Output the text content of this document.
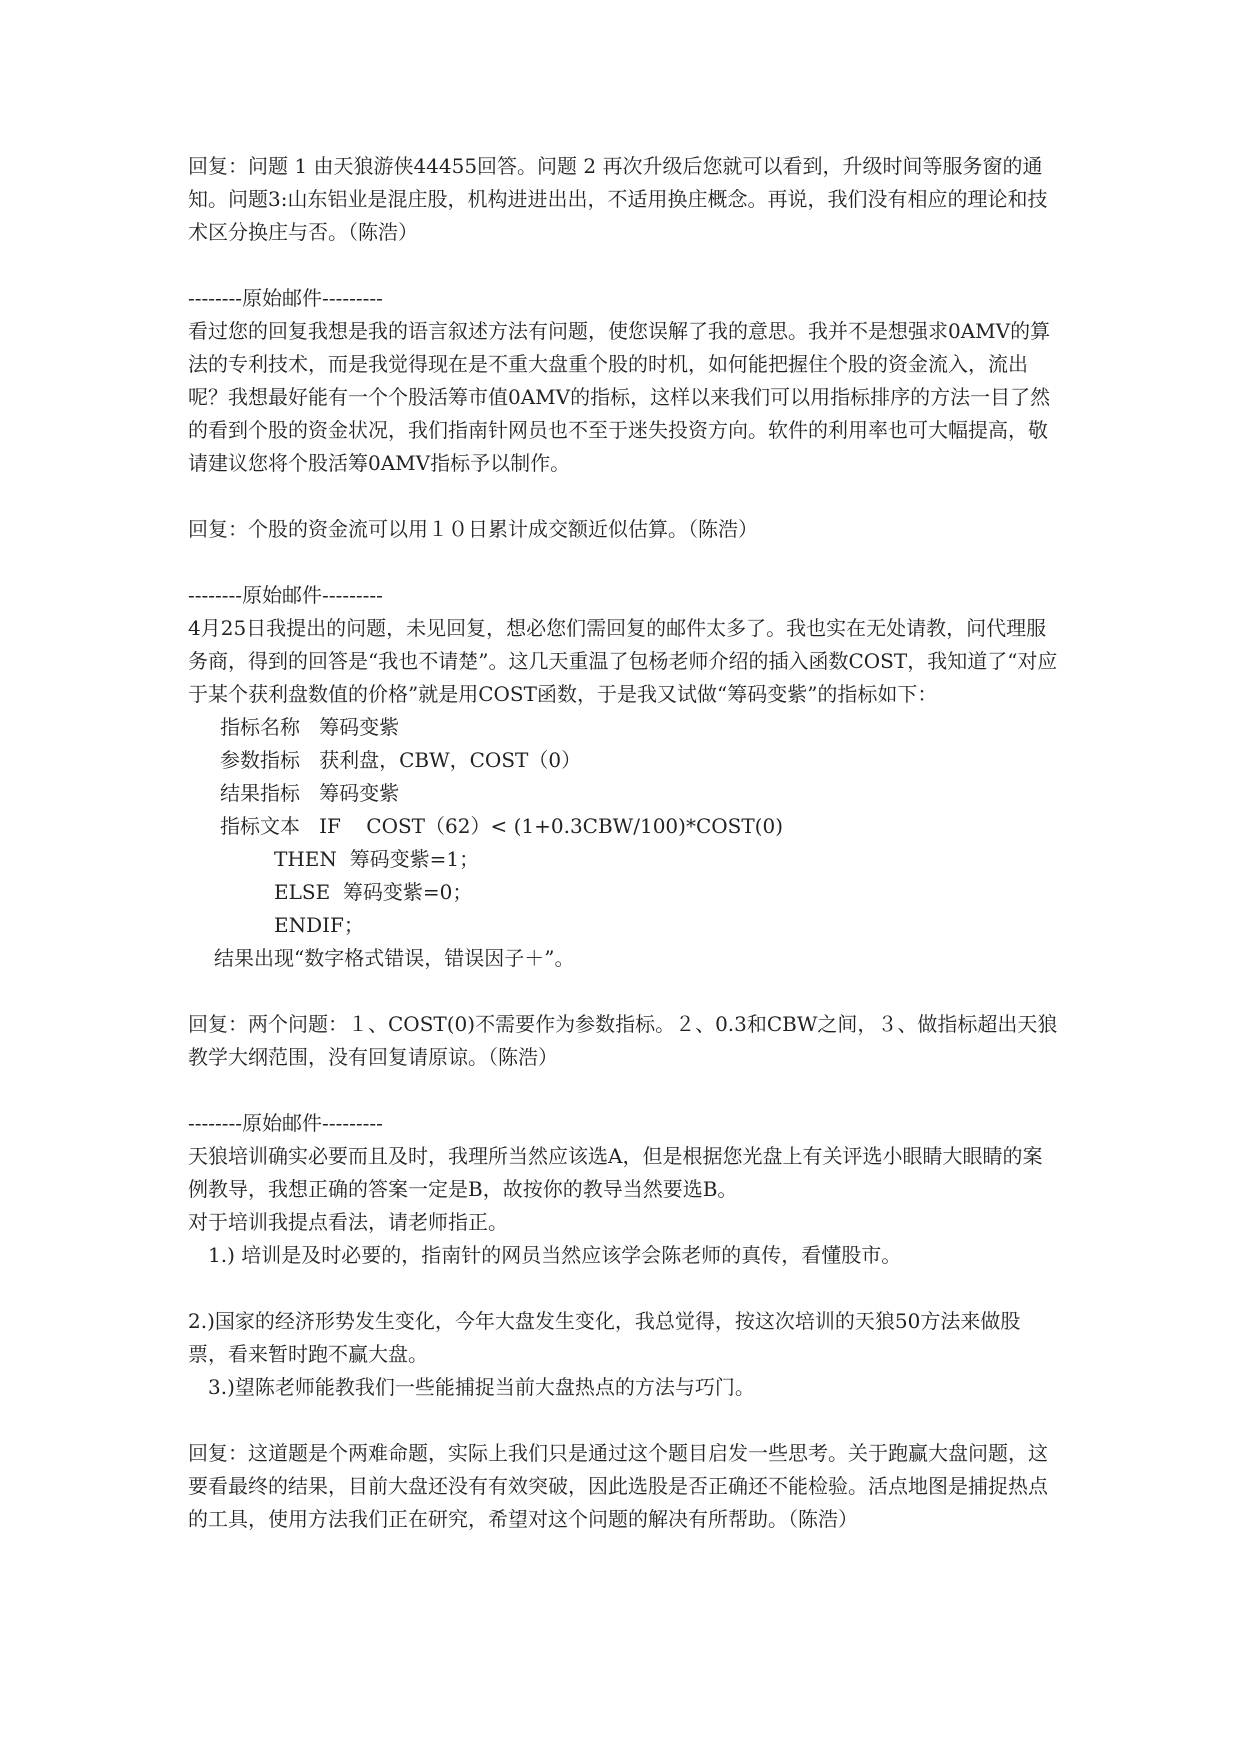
回复：问题 1 由天狼游侠44455回答。问题 2 再次升级后您就可以看到，升级时间等服务窗的通知。问题3:山东铝业是混庄股，机构进进出出，不适用换庄概念。再说，我们没有相应的理论和技术区分换庄与否。（陈浩）

--------原始邮件---------

看过您的回复我想是我的语言叙述方法有问题，使您误解了我的意思。我并不是想强求0AMV的算法的专利技术，而是我觉得现在是不重大盘重个股的时机，如何能把握住个股的资金流入，流出呢？我想最好能有一个个股活筹市值0AMV的指标，这样以来我们可以用指标排序的方法一目了然的看到个股的资金状况，我们指南针网员也不至于迷失投资方向。软件的利用率也可大幅提高，敬请建议您将个股活筹0AMV指标予以制作。

回复：个股的资金流可以用１０日累计成交额近似估算。（陈浩）

--------原始邮件---------

4月25日我提出的问题，未见回复，想必您们需回复的邮件太多了。我也实在无处请教，问代理服务商，得到的回答是“我也不请楚”。这几天重温了包杨老师介绍的插入函数COST，我知道了“对应于某个获利盘数值的价格”就是用COST函数，于是我又试做“筹码变紫”的指标如下：

指标名称   筹码变紫
参数指标   获利盘，CBW，COST（0）
结果指标   筹码变紫
指标文本   IF    COST（62）< (1+0.3CBW/100)*COST(0)
THEN  筹码变紫=1；
ELSE  筹码变紫=0；
ENDIF；
结果出现“数字格式错误，错误因子＋”。

回复：两个问题：１、COST(0)不需要作为参数指标。２、0.3和CBW之间，３、做指标超出天狼教学大纲范围，没有回复请原谅。（陈浩）

--------原始邮件---------

天狼培训确实必要而且及时，我理所当然应该选A，但是根据您光盘上有关评选小眼睛大眼睛的案例教导，我想正确的答案一定是B，故按你的教导当然要选B。

对于培训我提点看法，请老师指正。

1.) 培训是及时必要的，指南针的网员当然应该学会陈老师的真传，看懂股市。

2.)国家的经济形势发生变化，今年大盘发生变化，我总觉得，按这次培训的天狼50方法来做股票，看来暂时跑不赢大盘。

3.)望陈老师能教我们一些能捕捉当前大盘热点的方法与巧门。

回复：这道题是个两难命题，实际上我们只是通过这个题目启发一些思考。关于跑赢大盘问题，这要看最终的结果，目前大盘还没有有效突破，因此选股是否正确还不能检验。活点地图是捕捉热点的工具，使用方法我们正在研究，希望对这个问题的解决有所帮助。（陈浩）
